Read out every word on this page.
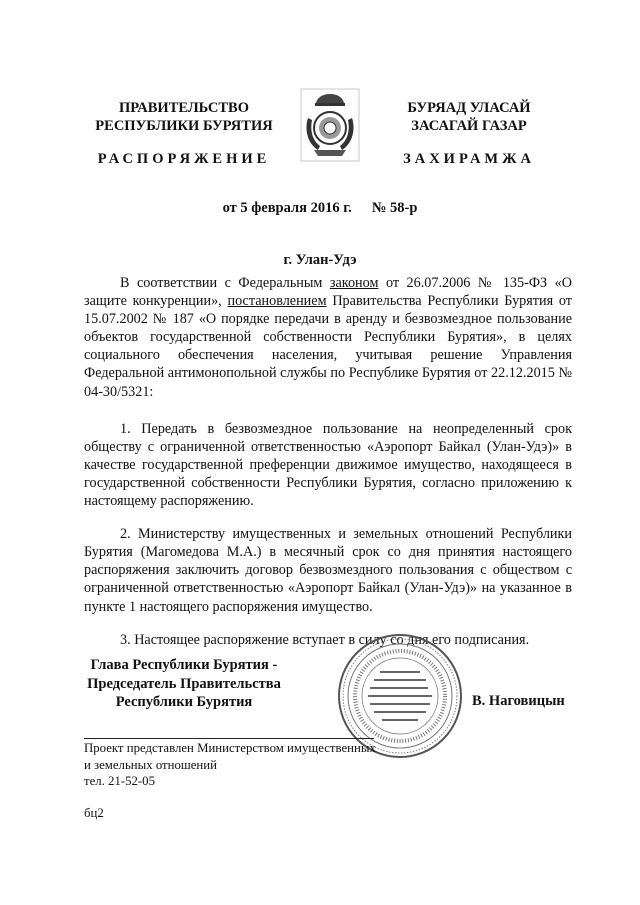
ПРАВИТЕЛЬСТВО
РЕСПУБЛИКИ БУРЯТИЯ
БУРЯАД УЛАСАЙ
ЗАСАГАЙ ГАЗАР
РАСПОРЯЖЕНИЕ	ЗАХИРАМЖА
от 5 февраля 2016 г. № 58-р
г. Улан-Удэ

В соответствии с Федеральным законом от 26.07.2006 № 135-ФЗ «О защите конкуренции», постановлением Правительства Республики Бурятия от 15.07.2002 № 187 «О порядке передачи в аренду и безвозмездное пользование объектов государственной собственности Республики Бурятия», в целях социального обеспечения населения, учитывая решение Управления Федеральной антимонопольной службы по Республике Бурятия от 22.12.2015 № 04-30/5321:

1. Передать в безвозмездное пользование на неопределенный срок обществу с ограниченной ответственностью «Аэропорт Байкал (Улан-Удэ)» в качестве государственной преференции движимое имущество, находящееся в государственной собственности Республики Бурятия, согласно приложению к настоящему распоряжению.

2. Министерству имущественных и земельных отношений Республики Бурятия (Магомедова М.А.) в месячный срок со дня принятия настоящего распоряжения заключить договор безвозмездного пользования с обществом с ограниченной ответственностью «Аэропорт Байкал (Улан-Удэ)» на указанное в пункте 1 настоящего распоряжения имущество.

3. Настоящее распоряжение вступает в силу со дня его подписания.

Глава Республики Бурятия -
Председатель Правительства
Республики Бурятия	В. Наговицын
Проект представлен Министерством имущественных
и земельных отношений
тел. 21-52-05
бц2
